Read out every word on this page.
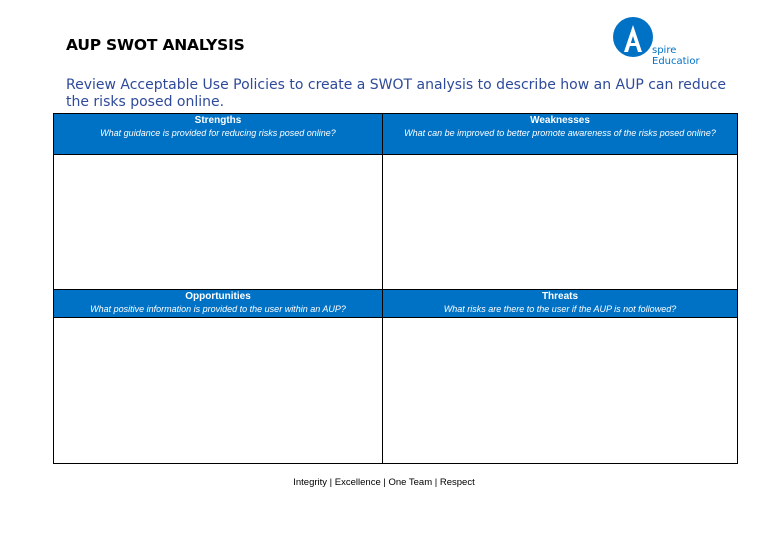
AUP SWOT ANALYSIS	spire
Educatior
Review Acceptable Use Policies to create a SWOT analysis to describe how an AUP can reduce the risks posed online.
Strengths
What guidance is provided for reducing risks posed online?
Weaknesses
What can be improved to better promote awareness of the risks posed online?
Opportunities
What positive information is provided to the user within an AUP?
Threats
What risks are there to the user if the AUP is not followed?
Integrity | Excellence | One Team | Respect
